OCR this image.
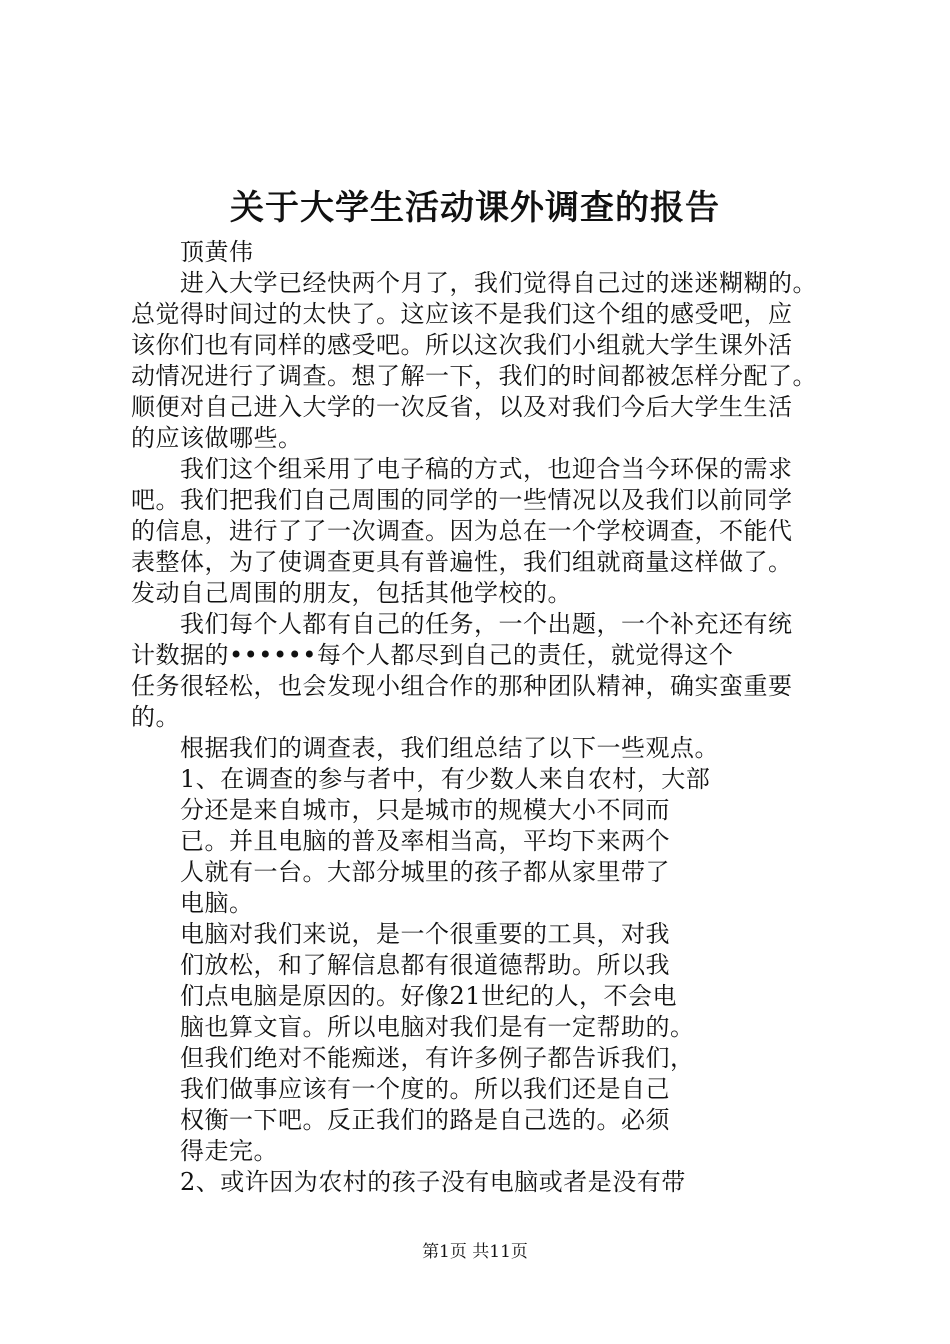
关于大学生活动课外调查的报告
顶黄伟
进入大学已经快两个月了，我们觉得自己过的迷迷糊糊的。
总觉得时间过的太快了。这应该不是我们这个组的感受吧，应
该你们也有同样的感受吧。所以这次我们小组就大学生课外活
动情况进行了调查。想了解一下，我们的时间都被怎样分配了。
顺便对自己进入大学的一次反省，以及对我们今后大学生生活
的应该做哪些。
我们这个组采用了电子稿的方式，也迎合当今环保的需求
吧。我们把我们自己周围的同学的一些情况以及我们以前同学
的信息，进行了了一次调查。因为总在一个学校调查，不能代
表整体，为了使调查更具有普遍性，我们组就商量这样做了。
发动自己周围的朋友，包括其他学校的。
我们每个人都有自己的任务，一个出题，一个补充还有统
计数据的••••••每个人都尽到自己的责任，就觉得这个
任务很轻松，也会发现小组合作的那种团队精神，确实蛮重要
的。
根据我们的调查表，我们组总结了以下一些观点。
1、在调查的参与者中，有少数人来自农村，大部
分还是来自城市，只是城市的规模大小不同而
已。并且电脑的普及率相当高，平均下来两个
人就有一台。大部分城里的孩子都从家里带了
电脑。
电脑对我们来说，是一个很重要的工具，对我
们放松，和了解信息都有很道德帮助。所以我
们点电脑是原因的。好像21世纪的人，不会电
脑也算文盲。所以电脑对我们是有一定帮助的。
但我们绝对不能痴迷，有许多例子都告诉我们，
我们做事应该有一个度的。所以我们还是自己
权衡一下吧。反正我们的路是自己选的。必须
得走完。
2、或许因为农村的孩子没有电脑或者是没有带
第1页 共11页
